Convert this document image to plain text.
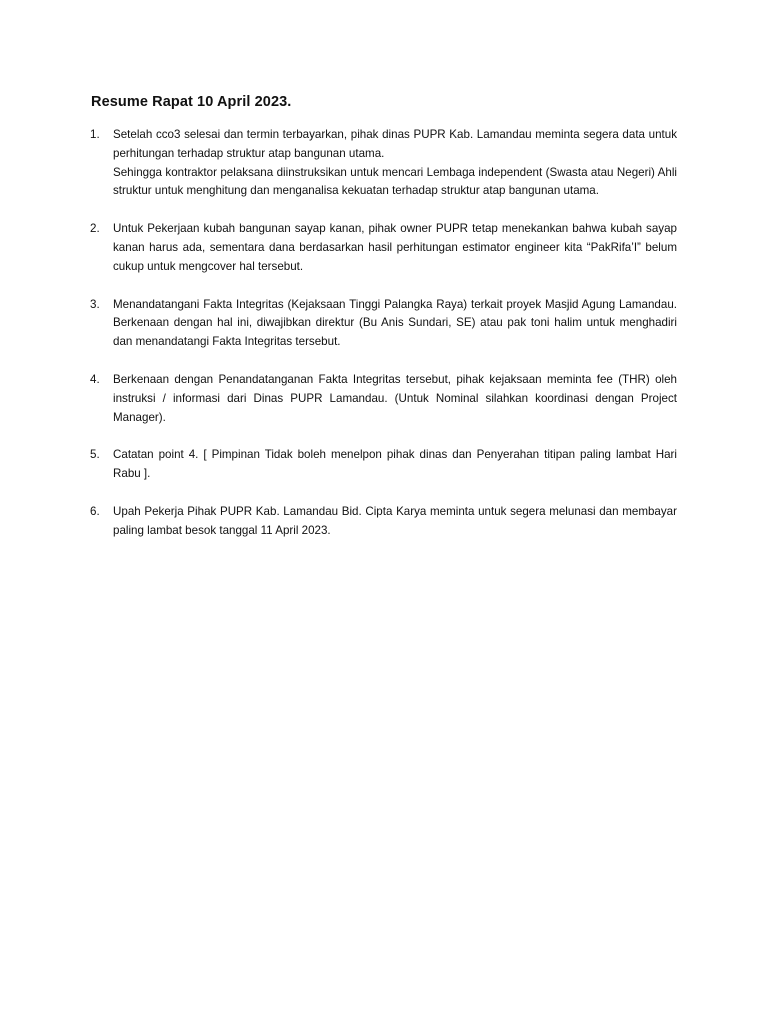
Resume Rapat 10 April 2023.
1. Setelah cco3 selesai dan termin terbayarkan, pihak dinas PUPR Kab. Lamandau meminta segera data untuk perhitungan terhadap struktur atap bangunan utama.

Sehingga kontraktor pelaksana diinstruksikan untuk mencari Lembaga independent (Swasta atau Negeri) Ahli struktur untuk menghitung dan menganalisa kekuatan terhadap struktur atap bangunan utama.

2. Untuk Pekerjaan kubah bangunan sayap kanan, pihak owner PUPR tetap menekankan bahwa kubah sayap kanan harus ada, sementara dana berdasarkan hasil perhitungan estimator engineer kita “PakRifa’I” belum cukup untuk mengcover hal tersebut.

3. Menandatangani Fakta Integritas (Kejaksaan Tinggi Palangka Raya) terkait proyek Masjid Agung Lamandau. Berkenaan dengan hal ini, diwajibkan direktur (Bu Anis Sundari, SE) atau pak toni halim untuk menghadiri dan menandatangi Fakta Integritas tersebut.

4. Berkenaan dengan Penandatanganan Fakta Integritas tersebut, pihak kejaksaan meminta fee (THR) oleh instruksi / informasi dari Dinas PUPR Lamandau. (Untuk Nominal silahkan koordinasi dengan Project Manager).

5. Catatan point 4. [ Pimpinan Tidak boleh menelpon pihak dinas dan Penyerahan titipan paling lambat Hari Rabu ].

6. Upah Pekerja Pihak PUPR Kab. Lamandau Bid. Cipta Karya meminta untuk segera melunasi dan membayar paling lambat besok tanggal 11 April 2023.
